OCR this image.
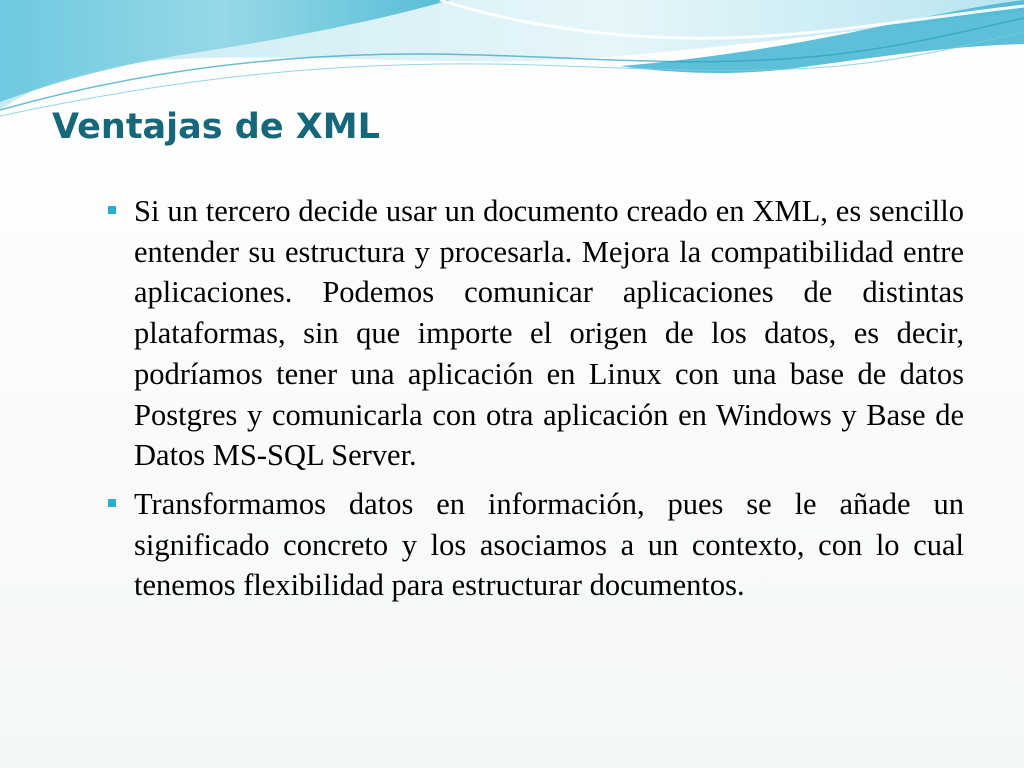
Ventajas de XML

Si un tercero decide usar un documento creado en XML, es sencillo entender su estructura y procesarla. Mejora la compatibilidad entre aplicaciones. Podemos comunicar aplicaciones de distintas plataformas, sin que importe el origen de los datos, es decir, podríamos tener una aplicación en Linux con una base de datos Postgres y comunicarla con otra aplicación en Windows y Base de Datos MS-SQL Server.

Transformamos datos en información, pues se le añade un significado concreto y los asociamos a un contexto, con lo cual tenemos flexibilidad para estructurar documentos.
